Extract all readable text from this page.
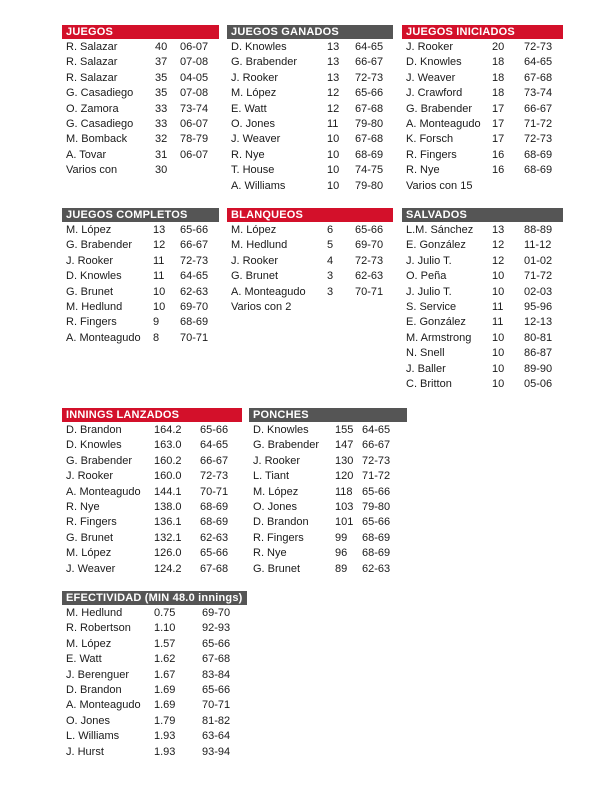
JUEGOS
R. Salazar	40 06-07
R. Salazar	37 07-08
R. Salazar	35 04-05
G. Casadiego 35 07-08
O. Zamora	33 73-74
G. Casadiego 33 06-07
M. Bomback	32 78-79
A. Tovar	31 06-07
Varios con	30
JUEGOS GANADOS
D. Knowles	13 64-65
G. Brabender	13 66-67
J. Rooker	13 72-73
M. López	12 65-66
E. Watt	12 67-68
O. Jones	11 79-80
J. Weaver	10 67-68
R. Nye	10 68-69
T. House	10 74-75
A. Williams	10 79-80
JUEGOS INICIADOS
J. Rooker	20 72-73
D. Knowles	18 64-65
J. Weaver	18 67-68
J. Crawford	18 73-74
G. Brabender 17 66-67
A. Monteagudo 17 71-72
K. Forsch	17 72-73
R. Fingers	16 68-69
R. Nye	16 68-69
Varios con 15
JUEGOS COMPLETOS
M. López	13 65-66
G. Brabender 12 66-67
J. Rooker	11 72-73
D. Knowles	11 64-65
G. Brunet	10 62-63
M. Hedlund	10 69-70
R. Fingers	9 68-69
A. Monteagudo 8 70-71
BLANQUEOS
M. López	6 65-66
M. Hedlund	5 69-70
J. Rooker	4 72-73
G. Brunet	3 62-63
A. Monteagudo 3 70-71
Varios con 2
SALVADOS
L.M. Sánchez 13 88-89
E. González 12 11-12
J. Julio T.	12 01-02
O. Peña	10 71-72
J. Julio T.	10 02-03
S. Service	11 95-96
E. González 11 12-13
M. Armstrong 10 80-81
N. Snell	10 86-87
J. Baller	10 89-90
C. Britton	10 05-06
INNINGS LANZADOS
D. Brandon	164.2 65-66
D. Knowles	163.0 64-65
G. Brabender 160.2 66-67
J. Rooker	160.0 72-73
A. Monteagudo 144.1 70-71
R. Nye	138.0 68-69
R. Fingers	136.1 68-69
G. Brunet	132.1 62-63
M. López	126.0 65-66
J. Weaver	124.2 67-68
PONCHES
D. Knowles 155 64-65
G. Brabender 147 66-67
J. Rooker	130 72-73
L. Tiant	120 71-72
M. López	118 65-66
O. Jones	103 79-80
D. Brandon 101 65-66
R. Fingers	99 68-69
R. Nye	96 68-69
G. Brunet	89 62-63
EFECTIVIDAD (MIN 48.0 innings)
M. Hedlund	0.75 69-70
R. Robertson 1.10 92-93
M. López	1.57 65-66
E. Watt	1.62 67-68
J. Berenguer 1.67 83-84
D. Brandon	1.69 65-66
A. Monteagudo 1.69 70-71
O. Jones	1.79 81-82
L. Williams	1.93 63-64
J. Hurst	1.93 93-94
